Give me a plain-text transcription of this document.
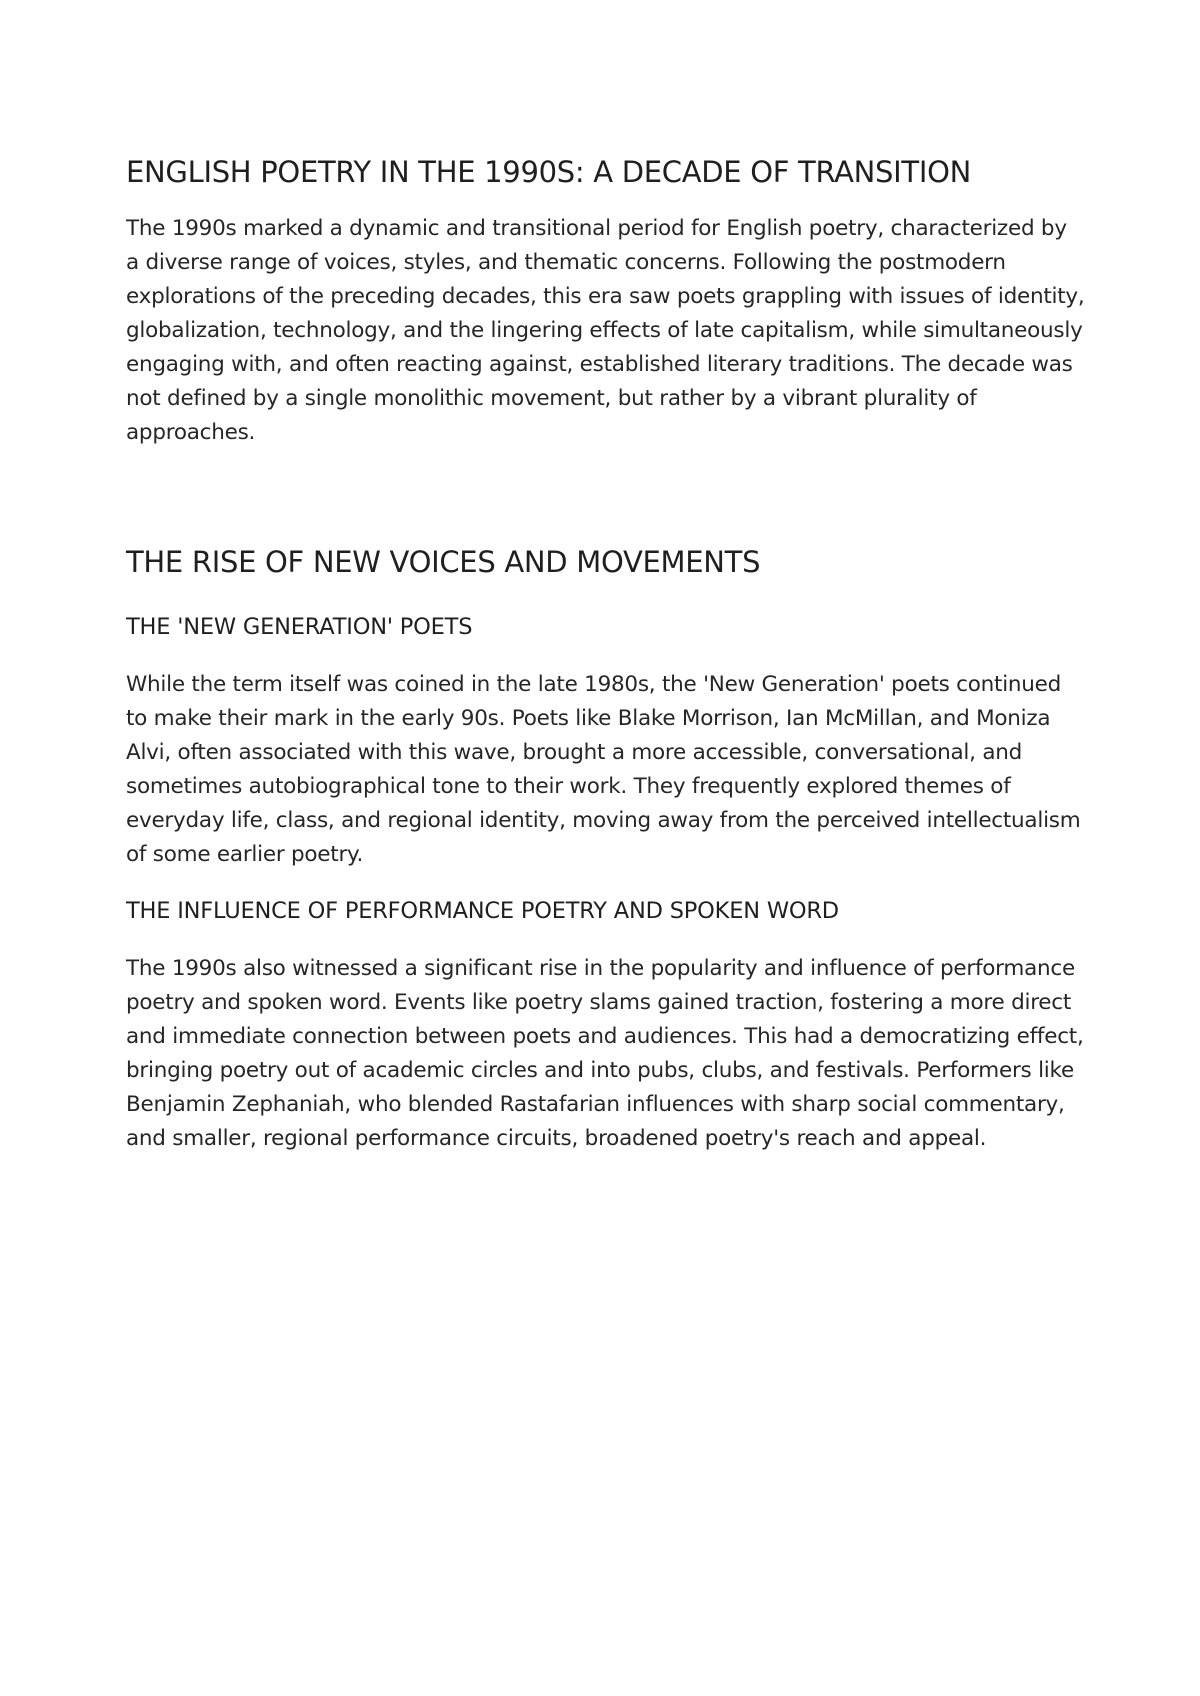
ENGLISH POETRY IN THE 1990S: A DECADE OF TRANSITION

The 1990s marked a dynamic and transitional period for English poetry, characterized by a diverse range of voices, styles, and thematic concerns. Following the postmodern explorations of the preceding decades, this era saw poets grappling with issues of identity, globalization, technology, and the lingering effects of late capitalism, while simultaneously engaging with, and often reacting against, established literary traditions. The decade was not defined by a single monolithic movement, but rather by a vibrant plurality of approaches.

THE RISE OF NEW VOICES AND MOVEMENTS
THE 'NEW GENERATION' POETS

While the term itself was coined in the late 1980s, the 'New Generation' poets continued to make their mark in the early 90s. Poets like Blake Morrison, Ian McMillan, and Moniza Alvi, often associated with this wave, brought a more accessible, conversational, and sometimes autobiographical tone to their work. They frequently explored themes of everyday life, class, and regional identity, moving away from the perceived intellectualism of some earlier poetry.

THE INFLUENCE OF PERFORMANCE POETRY AND SPOKEN WORD

The 1990s also witnessed a significant rise in the popularity and influence of performance poetry and spoken word. Events like poetry slams gained traction, fostering a more direct and immediate connection between poets and audiences. This had a democratizing effect, bringing poetry out of academic circles and into pubs, clubs, and festivals. Performers like Benjamin Zephaniah, who blended Rastafarian influences with sharp social commentary, and smaller, regional performance circuits, broadened poetry's reach and appeal.
